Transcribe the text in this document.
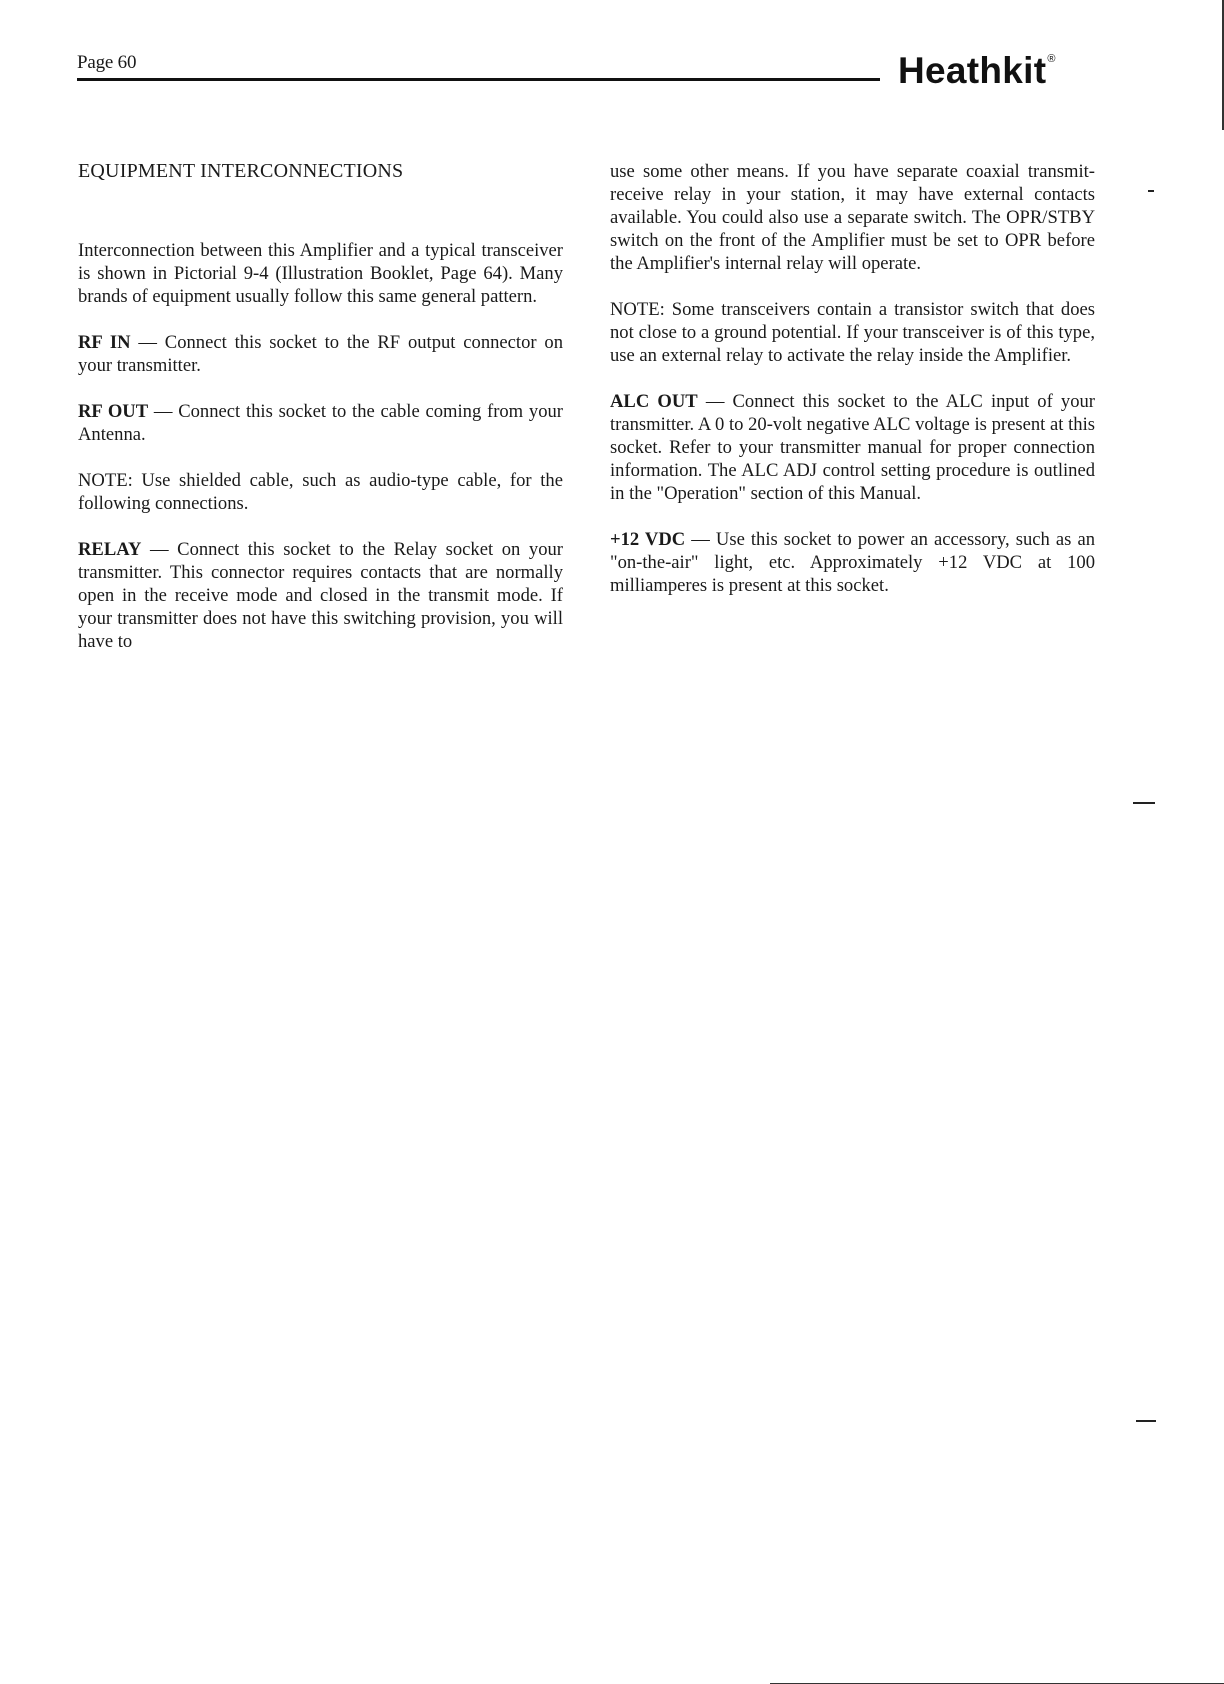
Page 60	Heathkit®
EQUIPMENT INTERCONNECTIONS

Interconnection between this Amplifier and a typical transceiver is shown in Pictorial 9-4 (Illustration Booklet, Page 64). Many brands of equipment usually follow this same general pattern.

RF IN — Connect this socket to the RF output connector on your transmitter.

RF OUT — Connect this socket to the cable coming from your Antenna.

NOTE: Use shielded cable, such as audio-type cable, for the following connections.

RELAY — Connect this socket to the Relay socket on your transmitter. This connector requires contacts that are normally open in the receive mode and closed in the transmit mode. If your transmitter does not have this switching provision, you will have to

use some other means. If you have separate coaxial transmit-receive relay in your station, it may have external contacts available. You could also use a separate switch. The OPR/STBY switch on the front of the Amplifier must be set to OPR before the Amplifier's internal relay will operate.

NOTE: Some transceivers contain a transistor switch that does not close to a ground potential. If your transceiver is of this type, use an external relay to activate the relay inside the Amplifier.

ALC OUT — Connect this socket to the ALC input of your transmitter. A 0 to 20-volt negative ALC voltage is present at this socket. Refer to your transmitter manual for proper connection information. The ALC ADJ control setting procedure is outlined in the "Operation" section of this Manual.

+12 VDC — Use this socket to power an accessory, such as an "on-the-air" light, etc. Approximately +12 VDC at 100 milliamperes is present at this socket.
